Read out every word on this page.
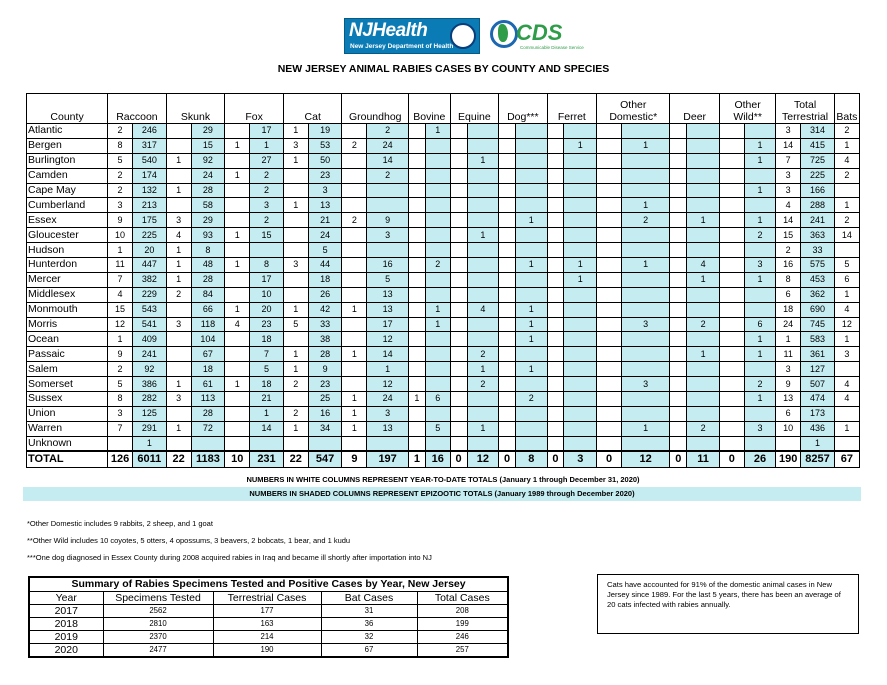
NJHealth
New Jersey Department of Health
CDS
Communicable Disease Service
NEW JERSEY ANIMAL RABIES CASES BY COUNTY AND SPECIES
County	Raccoon		Skunk		Fox		Cat		Groundhog		Bovine		Equine		Dog***		Ferret		Other Domestic*		Deer		Other Wild**		Total Terrestrial		Bats
Atlantic	2	246		29		17	1	19		2		1													3	314	2
Bergen	8	317		15	1	1	3	53	2	24								1		1				1	14	415	1
Burlington	5	540	1	92		27	1	50		14				1										1	7	725	4
Camden	2	174		24	1	2		23		2															3	225	2
Cape May	2	132	1	28		2		3																1	3	166	
Cumberland	3	213		58		3	1	13												1					4	288	1
Essex	9	175	3	29		2		21	2	9						1				2		1		1	14	241	2
Gloucester	10	225	4	93	1	15		24		3				1										2	15	363	14
Hudson	1	20	1	8				5																	2	33	
Hunterdon	11	447	1	48	1	8	3	44		16		2				1		1		1		4		3	16	575	5
Mercer	7	382	1	28		17		18		5								1				1		1	8	453	6
Middlesex	4	229	2	84		10		26		13															6	362	1
Monmouth	15	543		66	1	20	1	42	1	13		1		4		1									18	690	4
Morris	12	541	3	118	4	23	5	33		17		1				1				3		2		6	24	745	12
Ocean	1	409		104		18		38		12						1								1	1	583	1
Passaic	9	241		67		7	1	28	1	14				2								1		1	11	361	3
Salem	2	92		18		5	1	9		1				1		1									3	127	
Somerset	5	386	1	61	1	18	2	23		12				2						3				2	9	507	4
Sussex	8	282	3	113		21		25	1	24	1	6				2								1	13	474	4
Union	3	125		28		1	2	16	1	3															6	173	
Warren	7	291	1	72		14	1	34	1	13		5		1						1		2		3	10	436	1
Unknown		1																								1	
TOTAL	126	6011	22	1183	10	231	22	547	9	197	1	16	0	12	0	8	0	3	0	12	0	11	0	26	190	8257	67
NUMBERS IN WHITE COLUMNS REPRESENT YEAR-TO-DATE TOTALS (January 1 through December 31, 2020)
NUMBERS IN SHADED COLUMNS REPRESENT EPIZOOTIC TOTALS (January 1989 through December 2020)
*Other Domestic includes 9 rabbits, 2 sheep, and 1 goat
**Other Wild includes 10 coyotes, 5 otters, 4 opossums, 3 beavers, 2 bobcats, 1 bear, and 1 kudu
***One dog diagnosed in Essex County during 2008 acquired rabies in Iraq and became ill shortly after importation into NJ
Summary of Rabies Specimens Tested and Positive Cases by Year, New Jersey				
Year	Specimens Tested	Terrestrial Cases	Bat Cases	Total Cases
2017	2562	177	31	208
2018	2810	163	36	199
2019	2370	214	32	246
2020	2477	190	67	257
Cats have accounted for 91% of the domestic animal cases in New Jersey since 1989. For the last 5 years, there has been an average of 20 cats infected with rabies annually.
